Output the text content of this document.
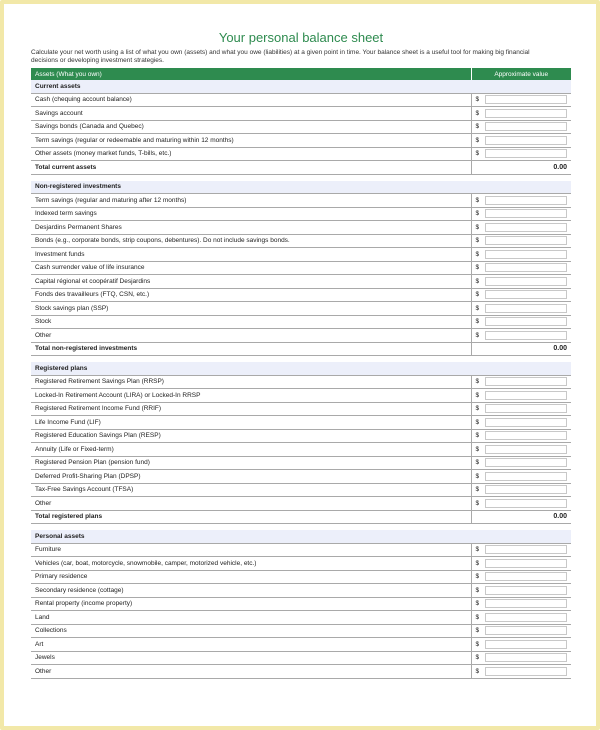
Your personal balance sheet
Calculate your net worth using a list of what you own (assets) and what you owe (liabilities) at a given point in time. Your balance sheet is a useful tool for making big financial decisions or developing investment strategies.
Assets (What you own)	Approximate value
Current assets	
Cash (chequing account balance)	$
Savings account	$
Savings bonds (Canada and Quebec)	$
Term savings (regular or redeemable and maturing within 12 months)	$
Other assets (money market funds, T-bills, etc.)	$
Total current assets	0.00

Non-registered investments	
Term savings (regular and maturing after 12 months)	$
Indexed term savings	$
Desjardins Permanent Shares	$
Bonds (e.g., corporate bonds, strip coupons, debentures). Do not include savings bonds.	$
Investment funds	$
Cash surrender value of life insurance	$
Capital régional et coopératif Desjardins	$
Fonds des travailleurs (FTQ, CSN, etc.)	$
Stock savings plan (SSP)	$
Stock	$
Other	$
Total non-registered investments	0.00

Registered plans	
Registered Retirement Savings Plan (RRSP)	$
Locked-In Retirement Account (LIRA) or Locked-In RRSP	$
Registered Retirement Income Fund (RRIF)	$
Life Income Fund (LIF)	$
Registered Education Savings Plan (RESP)	$
Annuity (Life or Fixed-term)	$
Registered Pension Plan (pension fund)	$
Deferred Profit-Sharing Plan (DPSP)	$
Tax-Free Savings Account (TFSA)	$
Other	$
Total registered plans	0.00

Personal assets	
Furniture	$
Vehicles (car, boat, motorcycle, snowmobile, camper, motorized vehicle, etc.)	$
Primary residence	$
Secondary residence (cottage)	$
Rental property (income property)	$
Land	$
Collections	$
Art	$
Jewels	$
Other	$
